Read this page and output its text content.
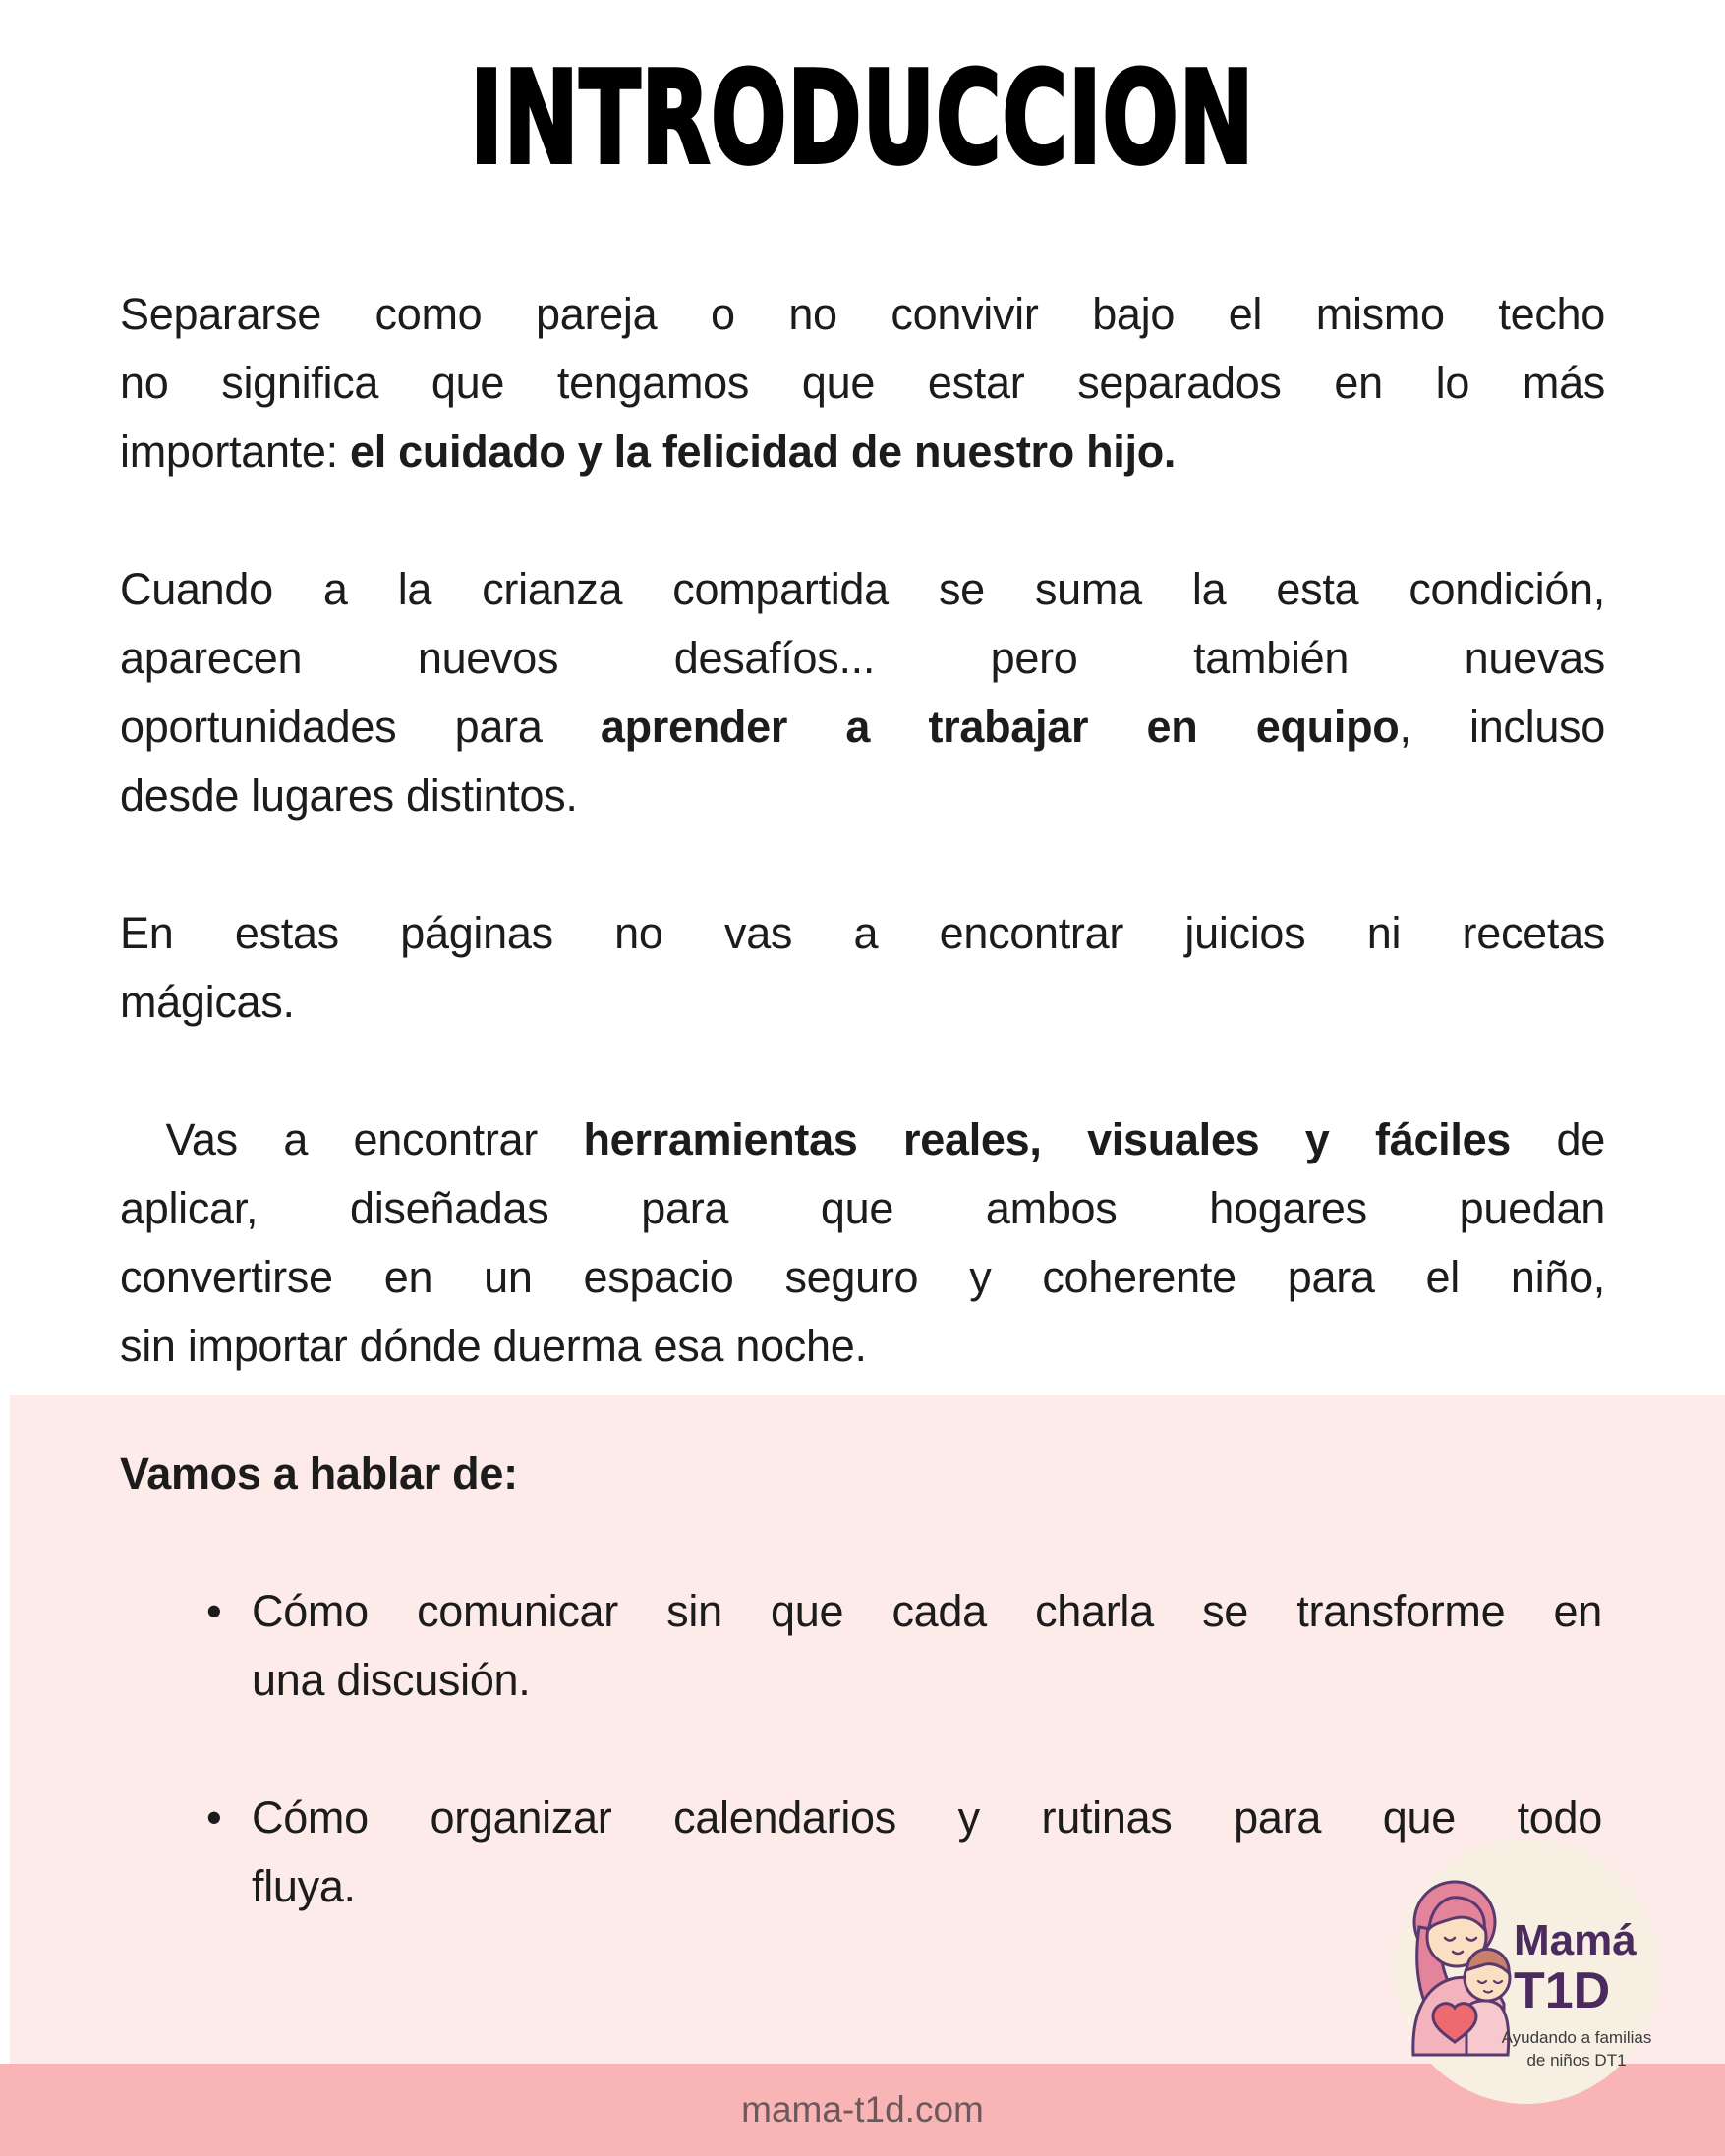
INTRODUCCION
Separarse como pareja o no convivir bajo el mismo techo
no significa que tengamos que estar separados en lo más
importante: el cuidado y la felicidad de nuestro hijo.
Cuando a la crianza compartida se suma la esta condición,
aparecen nuevos desafíos... pero también nuevas
oportunidades para aprender a trabajar en equipo, incluso
desde lugares distintos.
En estas páginas no vas a encontrar juicios ni recetas
mágicas.
Vas a encontrar herramientas reales, visuales y fáciles de
aplicar, diseñadas para que ambos hogares puedan
convertirse en un espacio seguro y coherente para el niño,
sin importar dónde duerma esa noche.
Vamos a hablar de:
• Cómo comunicar sin que cada charla se transforme en
una discusión.
• Cómo organizar calendarios y rutinas para que todo
fluya.
mama-t1d.com
Mamá
T1D
Ayudando a familias
de niños DT1
